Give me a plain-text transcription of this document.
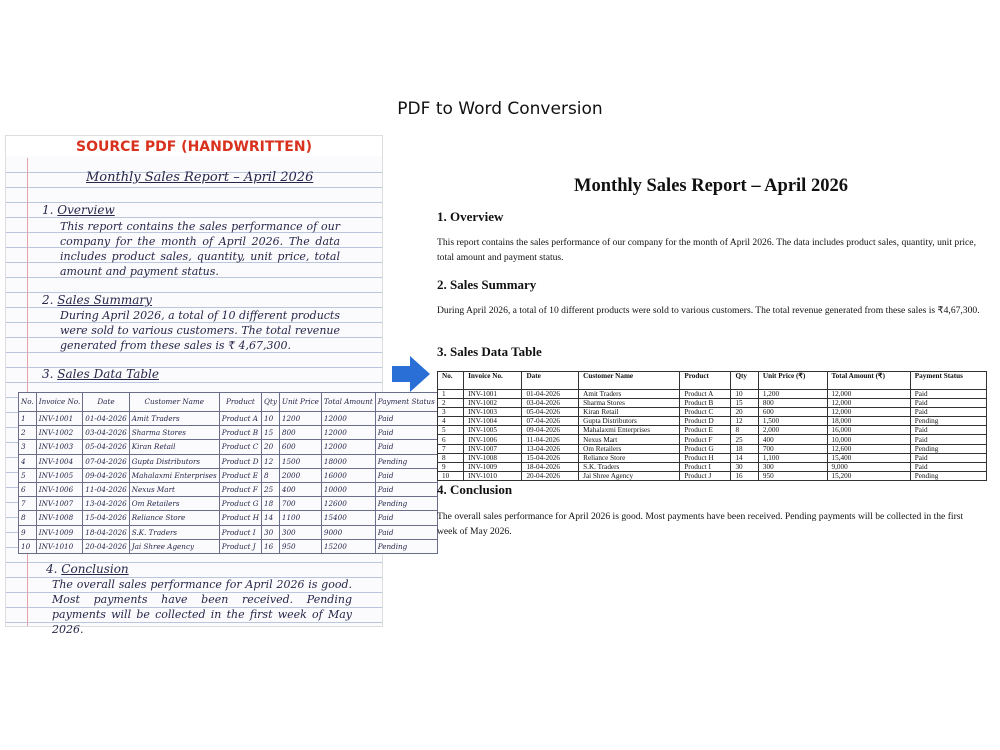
PDF to Word Conversion
SOURCE PDF (HANDWRITTEN)
Monthly Sales Report – April 2026
1. Overview
This report contains the sales performance of our company for the month of April 2026. The data includes product sales, quantity, unit price, total amount and payment status.
2. Sales Summary
During April 2026, a total of 10 different products were sold to various customers. The total revenue generated from these sales is ₹ 4,67,300.
3. Sales Data Table
No.	Invoice No.	Date	Customer Name	Product	Qty	Unit Price	Total Amount	Payment Status
1	INV-1001	01-04-2026	Amit Traders	Product A	10	1200	12000	Paid
2	INV-1002	03-04-2026	Sharma Stores	Product B	15	800	12000	Paid
3	INV-1003	05-04-2026	Kiran Retail	Product C	20	600	12000	Paid
4	INV-1004	07-04-2026	Gupta Distributors	Product D	12	1500	18000	Pending
5	INV-1005	09-04-2026	Mahalaxmi Enterprises	Product E	8	2000	16000	Paid
6	INV-1006	11-04-2026	Nexus Mart	Product F	25	400	10000	Paid
7	INV-1007	13-04-2026	Om Retailers	Product G	18	700	12600	Pending
8	INV-1008	15-04-2026	Reliance Store	Product H	14	1100	15400	Paid
9	INV-1009	18-04-2026	S.K. Traders	Product I	30	300	9000	Paid
10	INV-1010	20-04-2026	Jai Shree Agency	Product J	16	950	15200	Pending
4. Conclusion
The overall sales performance for April 2026 is good. Most payments have been received. Pending payments will be collected in the first week of May 2026.
Monthly Sales Report – April 2026
1. Overview
This report contains the sales performance of our company for the month of April 2026. The data includes product sales, quantity, unit price, total amount and payment status.
2. Sales Summary
During April 2026, a total of 10 different products were sold to various customers. The total revenue generated from these sales is ₹4,67,300.
3. Sales Data Table
No.	Invoice No.	Date	Customer Name	Product	Qty	Unit Price (₹)	Total Amount (₹)	Payment Status
1	INV-1001	01-04-2026	Amit Traders	Product A	10	1,200	12,000	Paid
2	INV-1002	03-04-2026	Sharma Stores	Product B	15	800	12,000	Paid
3	INV-1003	05-04-2026	Kiran Retail	Product C	20	600	12,000	Paid
4	INV-1004	07-04-2026	Gupta Distributors	Product D	12	1,500	18,000	Pending
5	INV-1005	09-04-2026	Mahalaxmi Enterprises	Product E	8	2,000	16,000	Paid
6	INV-1006	11-04-2026	Nexus Mart	Product F	25	400	10,000	Paid
7	INV-1007	13-04-2026	Om Retailers	Product G	18	700	12,600	Pending
8	INV-1008	15-04-2026	Reliance Store	Product H	14	1,100	15,400	Paid
9	INV-1009	18-04-2026	S.K. Traders	Product I	30	300	9,000	Paid
10	INV-1010	20-04-2026	Jai Shree Agency	Product J	16	950	15,200	Pending
4. Conclusion
The overall sales performance for April 2026 is good. Most payments have been received. Pending payments will be collected in the first week of May 2026.
